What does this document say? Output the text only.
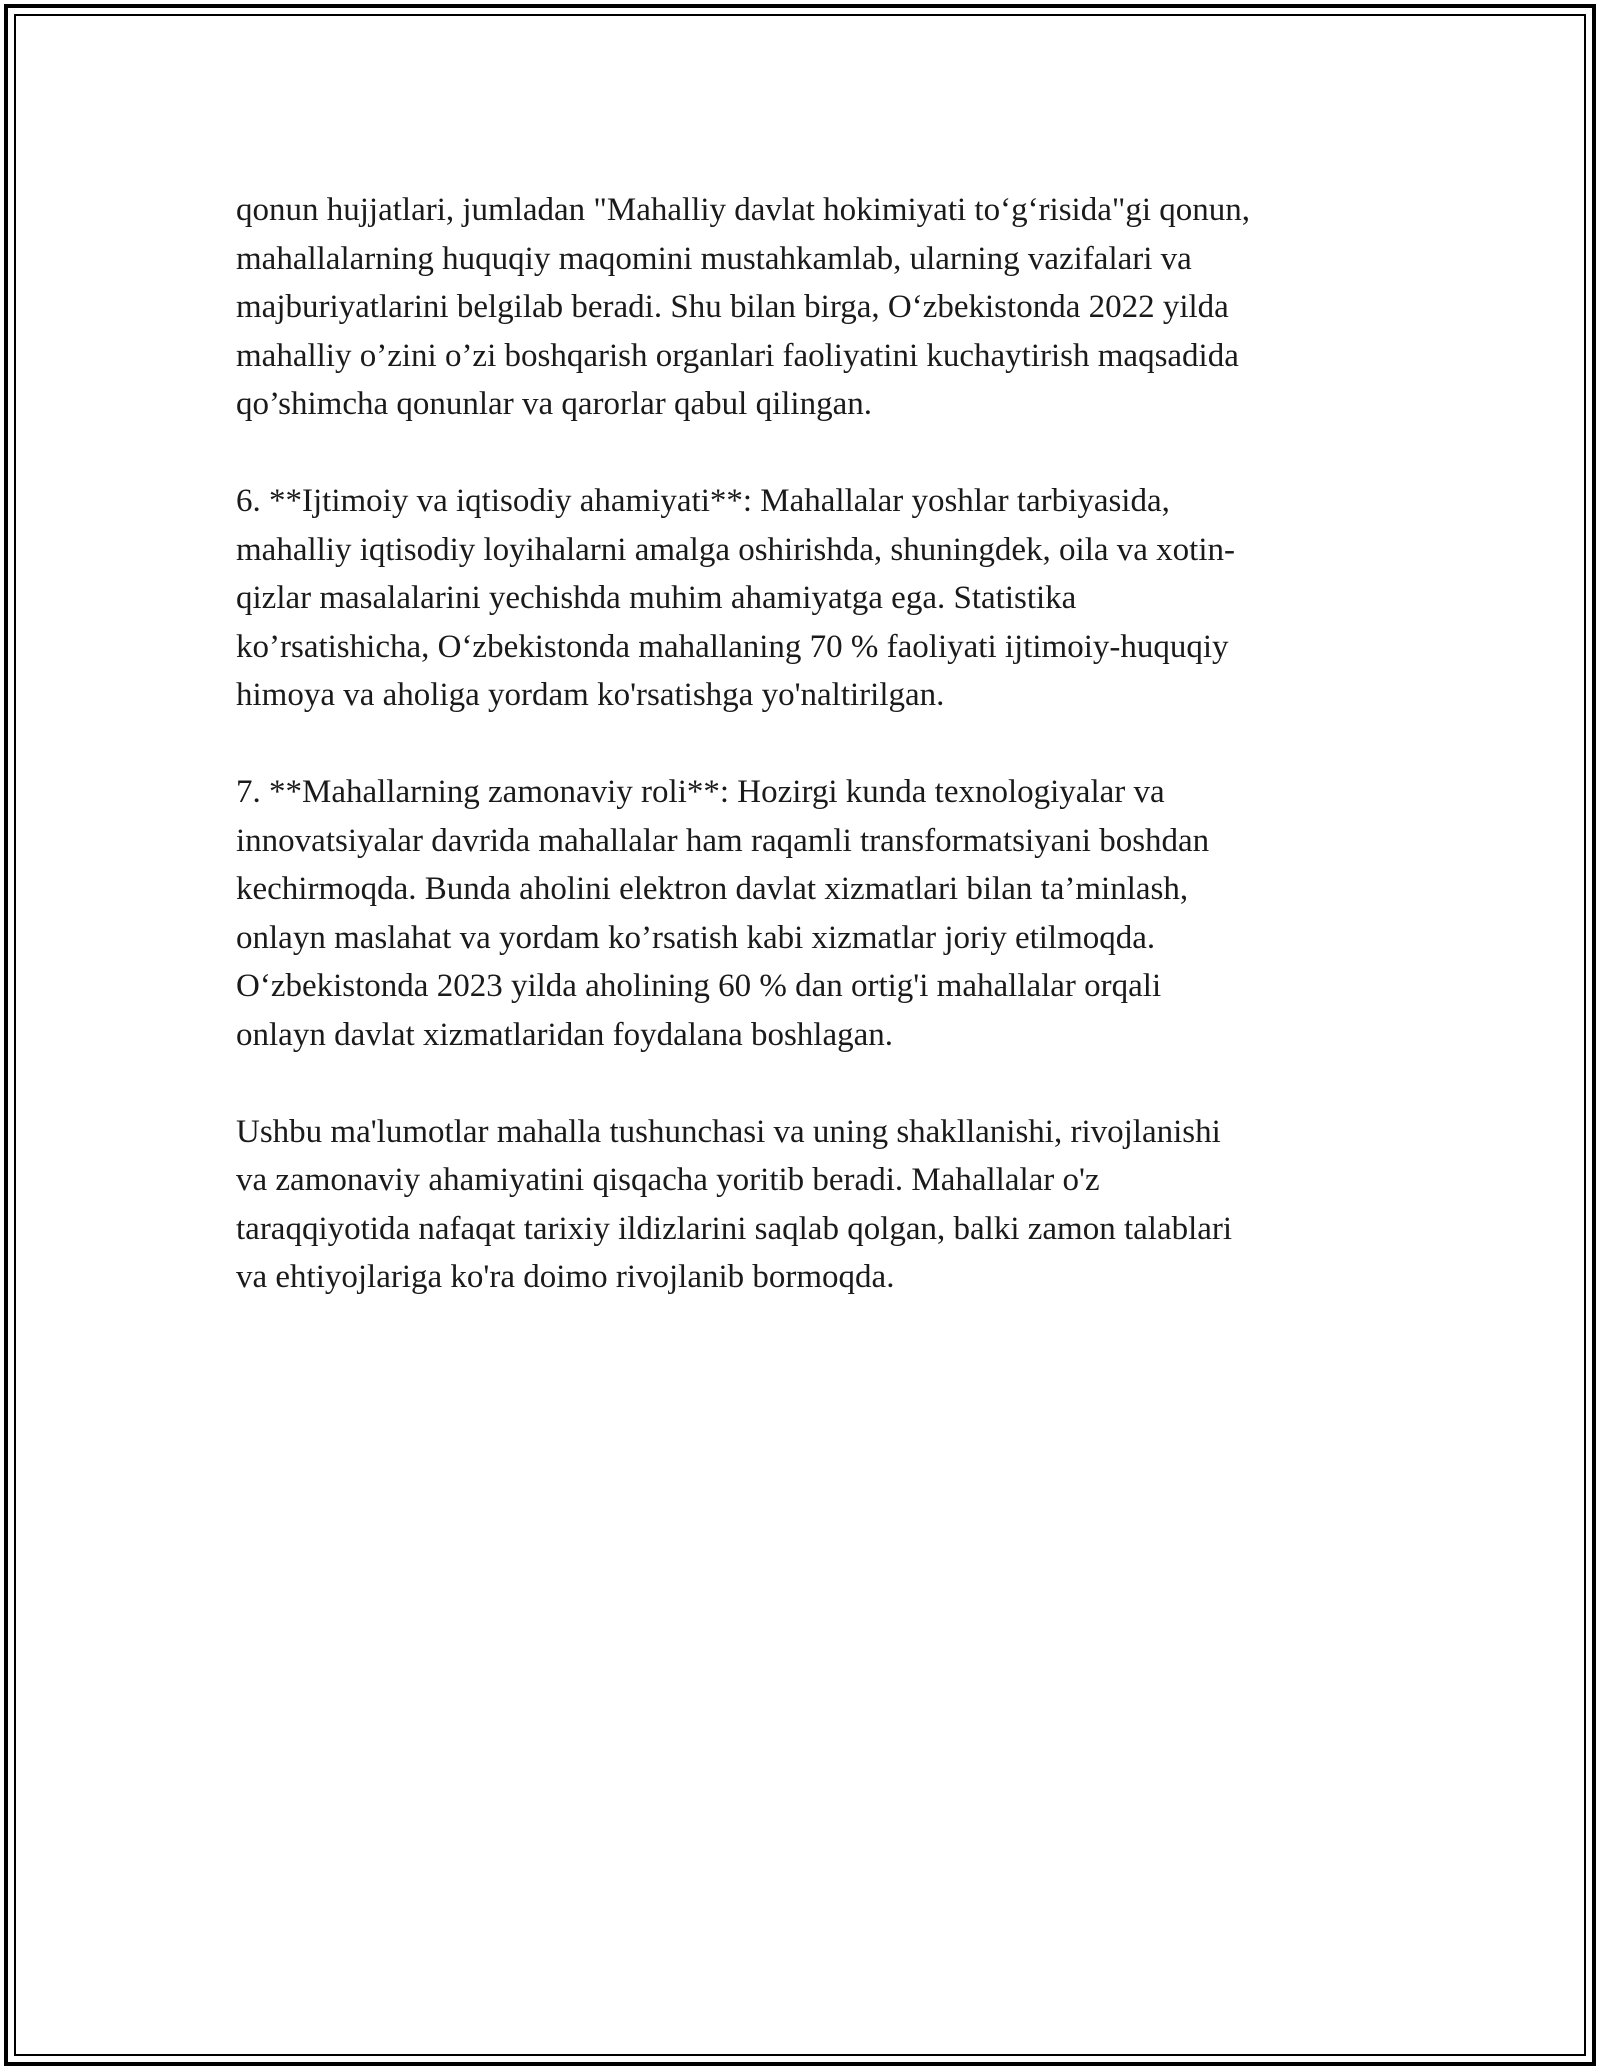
qonun hujjatlari, jumladan "Mahalliy davlat hokimiyati to‘g‘risida"gi qonun,
mahallalarning huquqiy maqomini mustahkamlab, ularning vazifalari va
majburiyatlarini belgilab beradi. Shu bilan birga, O‘zbekistonda 2022 yilda
mahalliy o’zini o’zi boshqarish organlari faoliyatini kuchaytirish maqsadida
qo’shimcha qonunlar va qarorlar qabul qilingan.

6. **Ijtimoiy va iqtisodiy ahamiyati**: Mahallalar yoshlar tarbiyasida,
mahalliy iqtisodiy loyihalarni amalga oshirishda, shuningdek, oila va xotin-
qizlar masalalarini yechishda muhim ahamiyatga ega. Statistika
ko’rsatishicha, O‘zbekistonda mahallaning 70 % faoliyati ijtimoiy-huquqiy
himoya va aholiga yordam ko'rsatishga yo'naltirilgan.

7. **Mahallarning zamonaviy roli**: Hozirgi kunda texnologiyalar va
innovatsiyalar davrida mahallalar ham raqamli transformatsiyani boshdan
kechirmoqda. Bunda aholini elektron davlat xizmatlari bilan ta’minlash,
onlayn maslahat va yordam ko’rsatish kabi xizmatlar joriy etilmoqda.
O‘zbekistonda 2023 yilda aholining 60 % dan ortig'i mahallalar orqali
onlayn davlat xizmatlaridan foydalana boshlagan.

Ushbu ma'lumotlar mahalla tushunchasi va uning shakllanishi, rivojlanishi
va zamonaviy ahamiyatini qisqacha yoritib beradi. Mahallalar o'z
taraqqiyotida nafaqat tarixiy ildizlarini saqlab qolgan, balki zamon talablari
va ehtiyojlariga ko'ra doimo rivojlanib bormoqda.
